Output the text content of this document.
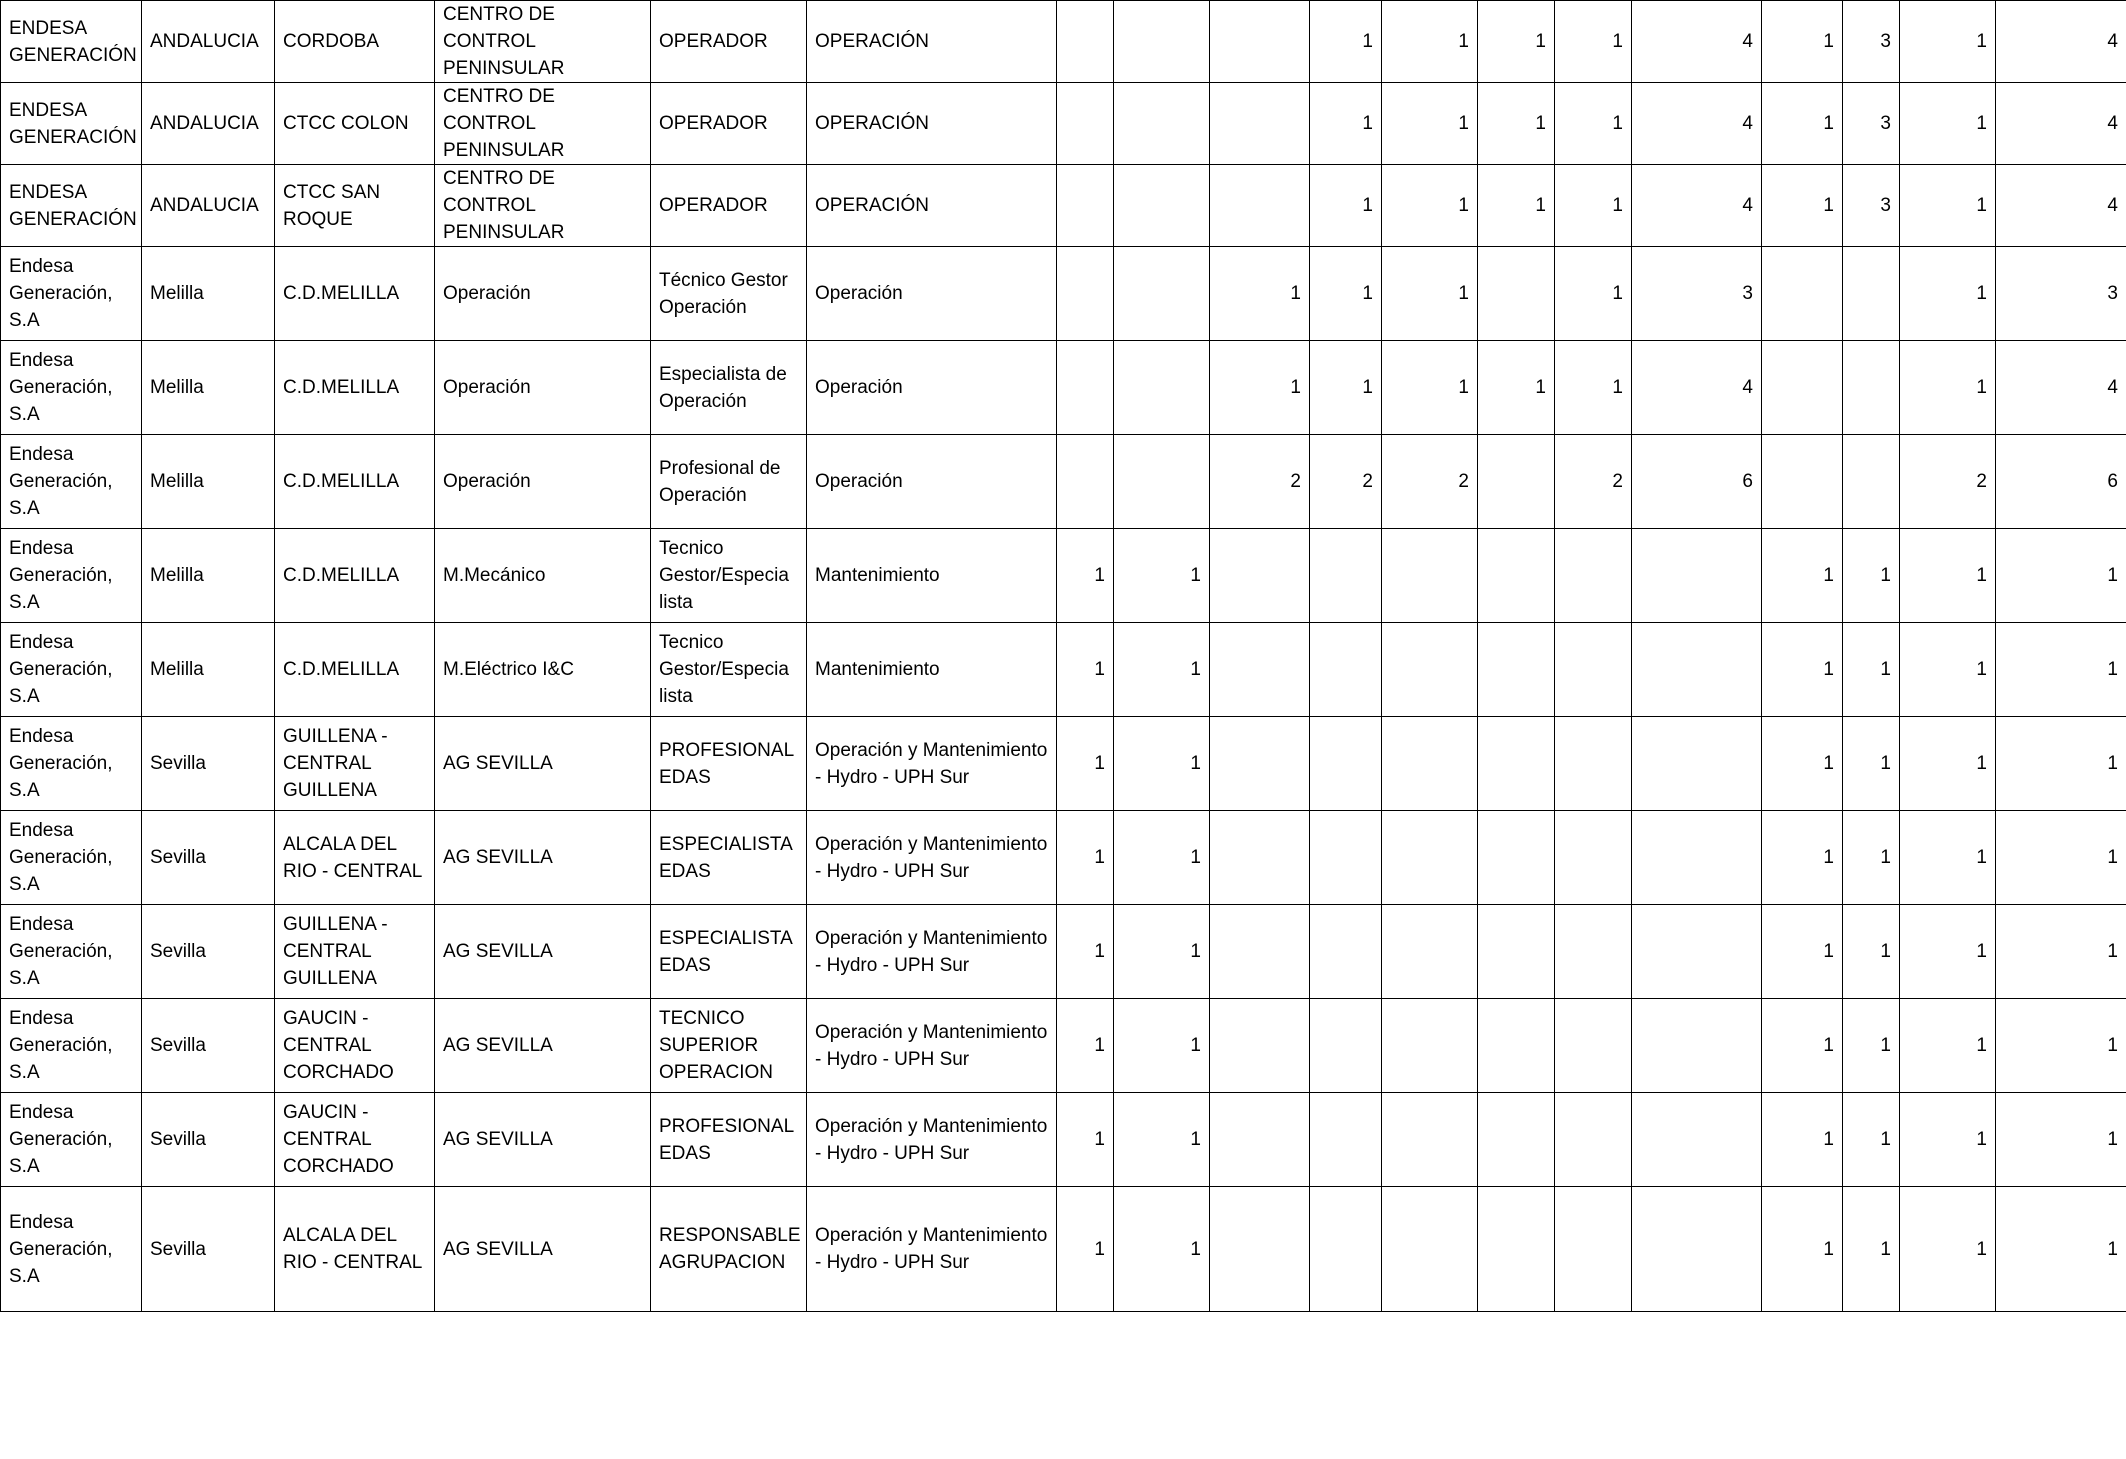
ENDESA GENERACIÓN	ANDALUCIA	CORDOBA	CENTRO DE CONTROL PENINSULAR	OPERADOR	OPERACIÓN				1	1	1	1	4	1	3	1	4
ENDESA GENERACIÓN	ANDALUCIA	CTCC COLON	CENTRO DE CONTROL PENINSULAR	OPERADOR	OPERACIÓN				1	1	1	1	4	1	3	1	4
ENDESA GENERACIÓN	ANDALUCIA	CTCC SAN ROQUE	CENTRO DE CONTROL PENINSULAR	OPERADOR	OPERACIÓN				1	1	1	1	4	1	3	1	4
Endesa Generación, S.A	Melilla	C.D.MELILLA	Operación	Técnico Gestor Operación	Operación			1	1	1		1	3			1	3
Endesa Generación, S.A	Melilla	C.D.MELILLA	Operación	Especialista de Operación	Operación			1	1	1	1	1	4			1	4
Endesa Generación, S.A	Melilla	C.D.MELILLA	Operación	Profesional de Operación	Operación			2	2	2		2	6			2	6
Endesa Generación, S.A	Melilla	C.D.MELILLA	M.Mecánico	Tecnico Gestor/Especia lista	Mantenimiento	1	1							1	1	1	1
Endesa Generación, S.A	Melilla	C.D.MELILLA	M.Eléctrico I&C	Tecnico Gestor/Especia lista	Mantenimiento	1	1							1	1	1	1
Endesa Generación, S.A	Sevilla	GUILLENA - CENTRAL GUILLENA	AG SEVILLA	PROFESIONAL EDAS	Operación y Mantenimiento - Hydro - UPH Sur	1	1							1	1	1	1
Endesa Generación, S.A	Sevilla	ALCALA DEL RIO - CENTRAL	AG SEVILLA	ESPECIALISTA EDAS	Operación y Mantenimiento - Hydro - UPH Sur	1	1							1	1	1	1
Endesa Generación, S.A	Sevilla	GUILLENA - CENTRAL GUILLENA	AG SEVILLA	ESPECIALISTA EDAS	Operación y Mantenimiento - Hydro - UPH Sur	1	1							1	1	1	1
Endesa Generación, S.A	Sevilla	GAUCIN - CENTRAL CORCHADO	AG SEVILLA	TECNICO SUPERIOR OPERACION	Operación y Mantenimiento - Hydro - UPH Sur	1	1							1	1	1	1
Endesa Generación, S.A	Sevilla	GAUCIN - CENTRAL CORCHADO	AG SEVILLA	PROFESIONAL EDAS	Operación y Mantenimiento - Hydro - UPH Sur	1	1							1	1	1	1
Endesa Generación, S.A	Sevilla	ALCALA DEL RIO - CENTRAL	AG SEVILLA	RESPONSABLE AGRUPACION	Operación y Mantenimiento - Hydro - UPH Sur	1	1							1	1	1	1
